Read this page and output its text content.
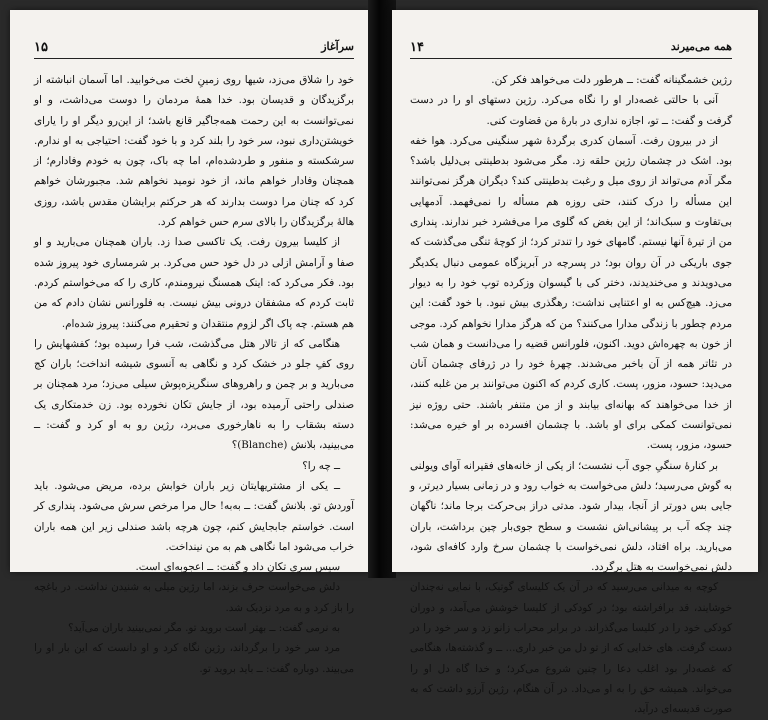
۱۵	سرآغاز

خود را شلاق می‌زد، شیها روی زمینِ لخت می‌خوابید. اما آسمان انباشته از برگزیدگان و قدیسان بود. خدا همهٔ مردمان را دوست می‌داشت، و او نمی‌توانست به این رحمت همه‌جاگیر قانع باشد؛ از این‌رو دیگر او را یارای خویشتن‌داری نبود، سر خود را بلند کرد و با خود گفت: احتیاجی به او ندارم. سرشکسته و منفور و طردشده‌ام، اما چه باک، چون به خودم وفادارم؛ از همچنان وفادار خواهم ماند، از خود نومید نخواهم شد. مجبورشان خواهم کرد که چنان مرا دوست بدارند که هر حرکتم برایشان مقدس باشد، روزی هالهٔ برگزیدگان را بالای سرم حس خواهم کرد.

از کلیسا بیرون رفت. یک تاکسی صدا زد. باران همچنان می‌بارید و او صفا و آرامش ازلی در دل خود حس می‌کرد. بر شرمساری خود پیروز شده بود. فکر می‌کرد که: اینک همسنگ نیرومندم، کاری را که می‌خواستم کردم. ثابت کردم که مشفقان درونی بیش نیست. به فلورانس نشان دادم که من هم هستم. چه پاک اگر لزوم منتقدان و تحقیرم می‌کنند: پیروز شده‌ام.

هنگامی که از تالار هتل می‌گذشت، شب فرا رسیده بود؛ کفشهایش را روی کفِ جلو در خشک کرد و نگاهی به آنسوی شیشه انداخت؛ باران کج می‌بارید و بر چمن و راهروهای سنگریزه‌پوش سیلی می‌زد؛ مرد همچنان بر صندلی راحتی آرمیده بود، از جایش تکان نخورده بود. زن خدمتکاری یک دسته بشقاب را به ناهارخوری می‌برد، رژین رو به او کرد و گفت: ــ می‌بینید، بلانش (Blanche)؟

ــ چه را؟

ــ یکی از مشتریهایتان زیر باران خوابش برده، مریض می‌شود. باید آوردش تو. بلانش گفت: ــ به‌به! حال مرا مرخص سرش می‌شود. پنداری کر است. خواستم جابجایش کنم، چون هرچه باشد صندلی زیر این همه باران خراب می‌شود اما نگاهی هم به من نینداخت.

سپس سری تکان داد و گفت: ــ اعجوبه‌ای است.

دلش می‌خواست حرف بزند، اما رژین میلی به شنیدن نداشت. در باغچه را باز کرد و به مرد نزدیک شد.

به نرمی گفت: ــ بهتر است بروید تو. مگر نمی‌بینید باران می‌آید؟

مرد سر خود را برگرداند، رژین نگاه کرد و او دانست که این بار او را می‌بیند. دوباره گفت: ــ باید بروید تو.

۱۴	همه می‌میرند

رژین خشمگینانه گفت: ــ هرطور دلت می‌خواهد فکر کن.

آنی با حالتی غصه‌دار او را نگاه می‌کرد. رژین دستهای او را در دست گرفت و گفت: ــ تو، اجازه نداری در بارهٔ من قضاوت کنی.

از در بیرون رفت. آسمان کدری برگردهٔ شهر سنگینی می‌کرد. هوا خفه بود. اشک در چشمان رژین حلقه زد. مگر می‌شود بدطینتی بی‌دلیل باشد؟ مگر آدم می‌تواند از روی میل و رغبت بدطینتی کند؟ دیگران هرگز نمی‌توانند این مسأله را درک کنند، حتی روزه هم مسأله را نمی‌فهمد. آدمهایی بی‌تفاوت و سبک‌اند؛ از این بغض که گلوی مرا می‌فشرد خبر ندارند. پنداری من از تیرهٔ آنها نیستم. گامهای خود را تند‌تر کرد؛ از کوچهٔ تنگی می‌گذشت که جوی باریکی در آن روان بود؛ در پسرچه در آبریزگاه عمومی دنبال یکدیگر می‌دویدند و می‌خندیدند، دختر کی با گیسوان وزکرده توپ خود را به دیوار می‌زد. هیچ‌کس به او اعتنایی نداشت: رهگذری بیش نبود. با خود گفت: این مردم چطور با زندگی مدارا می‌کنند؟ من که هرگز مدارا نخواهم کرد. موجی از خون به چهره‌اش دوید. اکنون، فلورانس قضیه را می‌دانست و همان شب در تئاتر همه از آن باخبر می‌شدند. چهرهٔ خود را در ژرفای چشمان آنان می‌دید: حسود، مزور، پست. کاری کردم که اکنون می‌توانند بر من غلبه کنند، از خدا می‌خواهند که بهانه‌ای بیابند و از من متنفر باشند. حتی روژه نیز نمی‌توانست کمکی برای او باشد. با چشمان افسرده بر او خیره می‌شد: حسود، مزور، پست.

بر کنارهٔ سنگیِ جوی آب نشست؛ از یکی از خانه‌های فقیرانه آوای ویولنی به گوش می‌رسید؛ دلش می‌خواست به خواب رود و در زمانی بسیار دیرتر، و جایی بس دورتر از آنجا، بیدار شود. مدتی دراز بی‌حرکت برجا ماند؛ ناگهان چند چکه آب بر پیشانی‌اش نشست و سطح جوی‌بار چین برداشت، باران می‌بارید. براه افتاد، دلش نمی‌خواست با چشمان سرخ وارد کافه‌ای شود، دلش نمی‌خواست به هتل برگردد.

کوچه به میدانی می‌رسید که در آن یک کلیسای گوتیک، با نمایی نه‌چندان خوشایند، قد برافراشته بود؛ در کودکی از کلیسا خوشش می‌آمد، و دوران کودکی خود را در کلیسا می‌گذراند. در برابر محراب زانو زد و سر خود را در دست گرفت. های خدایی که از تو دل من خبر داری... ــ و گذشته‌ها، هنگامی که غصه‌دار بود اغلب دعا را چنین شروع می‌کرد؛ و خدا گاه دل او را می‌خواند. همیشه حق را به او می‌داد. در آن هنگام، رژین آرزو داشت که به صورت قدیسه‌ای درآید،
